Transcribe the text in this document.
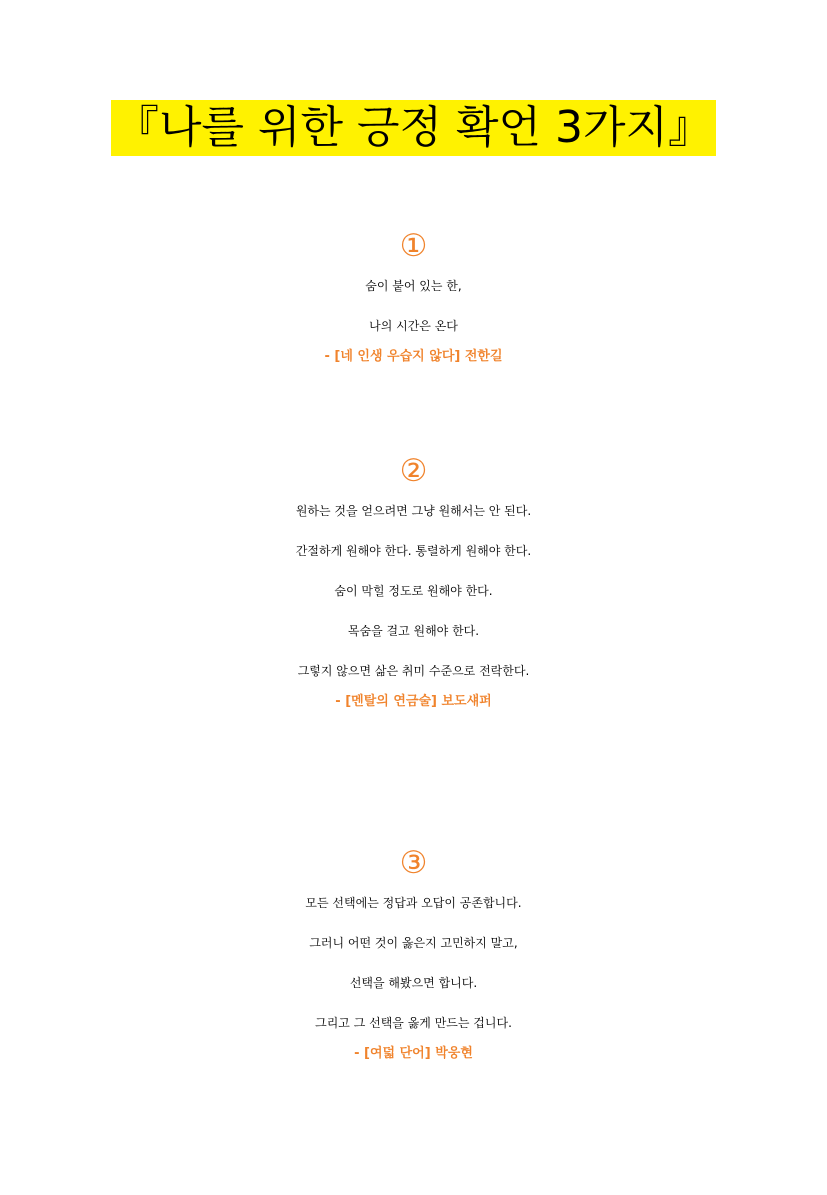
『나를 위한 긍정 확언 3가지』
①
숨이 붙어 있는 한,
나의 시간은 온다
- [네 인생 우습지 않다] 전한길
②
원하는 것을 얻으려면 그냥 원해서는 안 된다.
간절하게 원해야 한다. 통렬하게 원해야 한다.
숨이 막힐 정도로 원해야 한다.
목숨을 걸고 원해야 한다.
그렇지 않으면 삶은 취미 수준으로 전락한다.
- [멘탈의 연금술] 보도섀퍼
③
모든 선택에는 정답과 오답이 공존합니다.
그러니 어떤 것이 옳은지 고민하지 말고,
선택을 해봤으면 합니다.
그리고 그 선택을 옳게 만드는 겁니다.
- [여덟 단어] 박웅현
